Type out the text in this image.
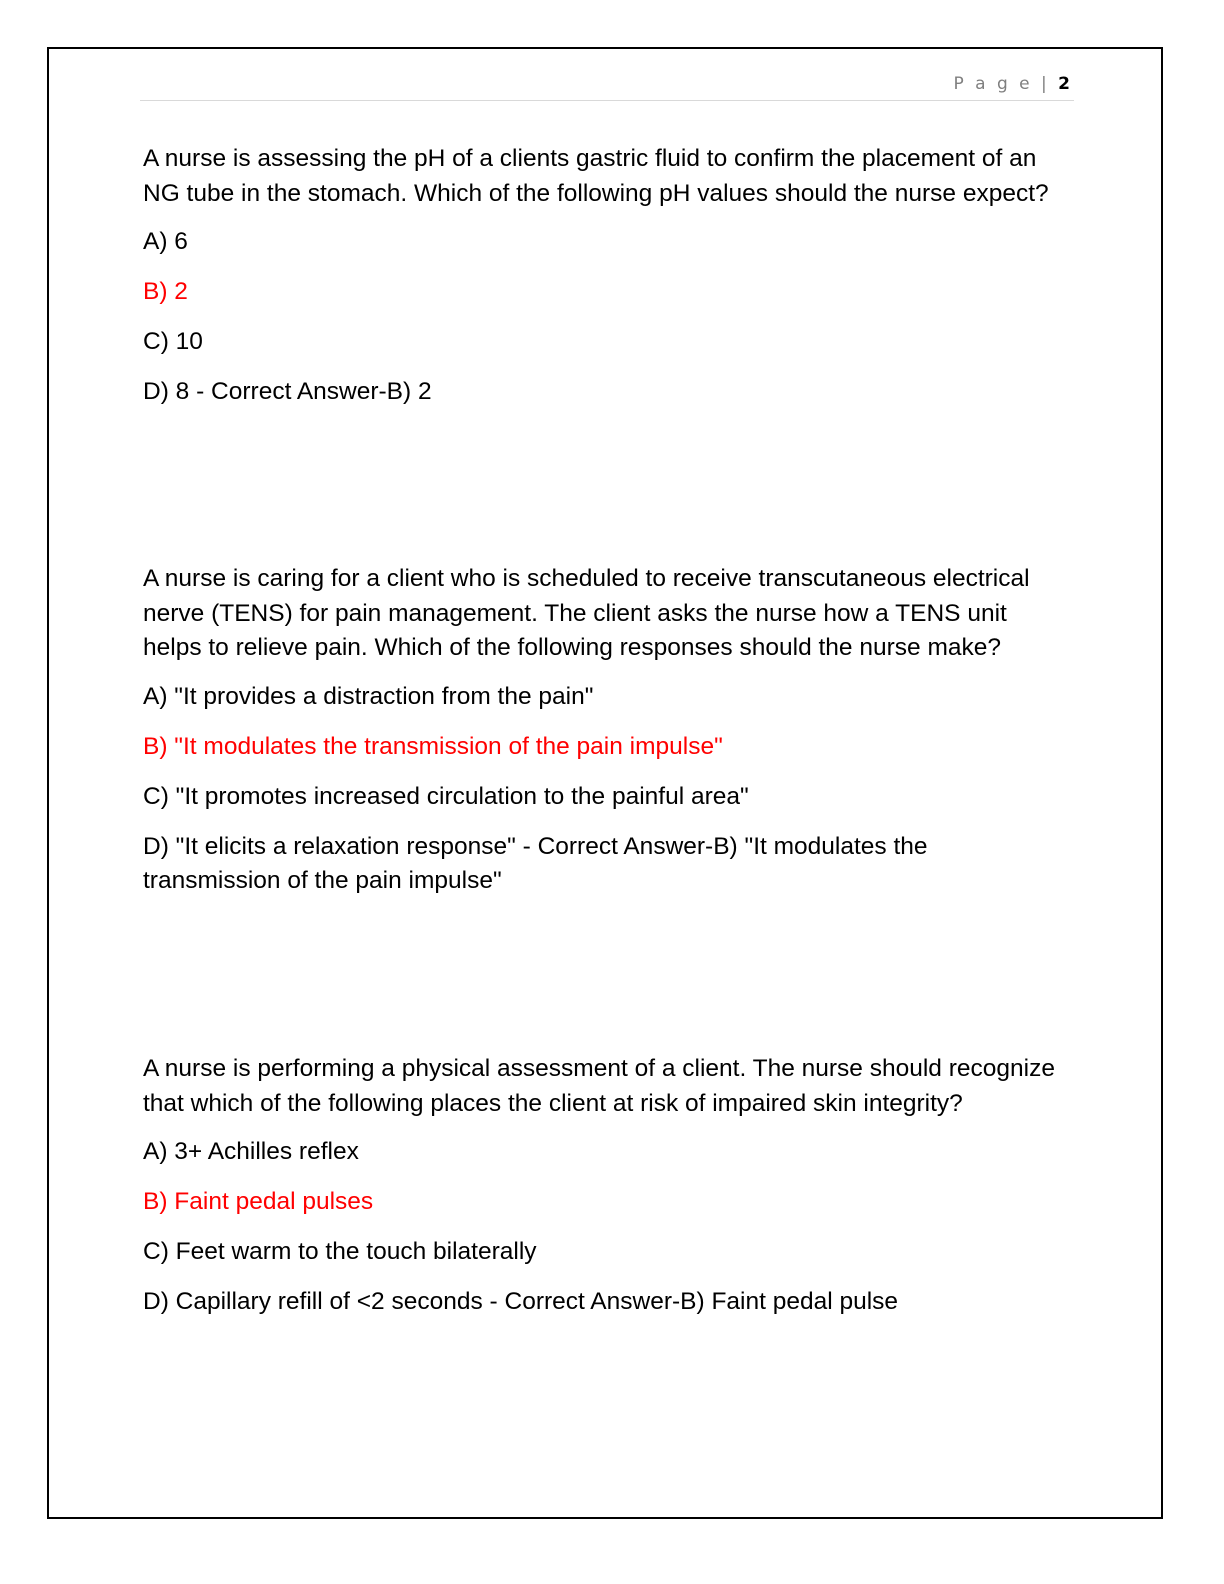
P a g e | 2
A nurse is assessing the pH of a clients gastric fluid to confirm the placement of an NG tube in the stomach. Which of the following pH values should the nurse expect?
A) 6
B) 2
C) 10
D) 8 - Correct Answer-B) 2
A nurse is caring for a client who is scheduled to receive transcutaneous electrical nerve (TENS) for pain management. The client asks the nurse how a TENS unit helps to relieve pain. Which of the following responses should the nurse make?
A) "It provides a distraction from the pain"
B) "It modulates the transmission of the pain impulse"
C) "It promotes increased circulation to the painful area"
D) "It elicits a relaxation response" - Correct Answer-B) "It modulates the transmission of the pain impulse"
A nurse is performing a physical assessment of a client. The nurse should recognize that which of the following places the client at risk of impaired skin integrity?
A) 3+ Achilles reflex
B) Faint pedal pulses
C) Feet warm to the touch bilaterally
D) Capillary refill of <2 seconds - Correct Answer-B) Faint pedal pulse
